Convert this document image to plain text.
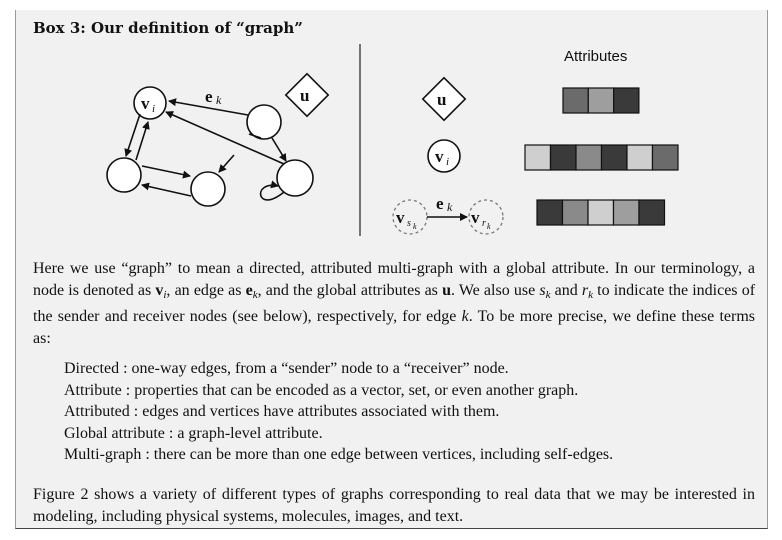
Box 3: Our definition of “graph”
v i
e k	u
Attributes
u
v i
v s k	v r k
e k
Here we use “graph” to mean a directed, attributed multi-graph with a global attribute. In our terminology, a node is denoted as $v_i$, an edge as $e_k$, and the global attributes as u. We also use $s_k$ and $r_k$ to indicate the indices of the sender and receiver nodes (see below), respectively, for edge k. To be more precise, we define these terms as:
Directed : one-way edges, from a “sender” node to a “receiver” node.
Attribute : properties that can be encoded as a vector, set, or even another graph.
Attributed : edges and vertices have attributes associated with them.
Global attribute : a graph-level attribute.
Multi-graph : there can be more than one edge between vertices, including self-edges.
Figure 2 shows a variety of different types of graphs corresponding to real data that we may be interested in modeling, including physical systems, molecules, images, and text.
